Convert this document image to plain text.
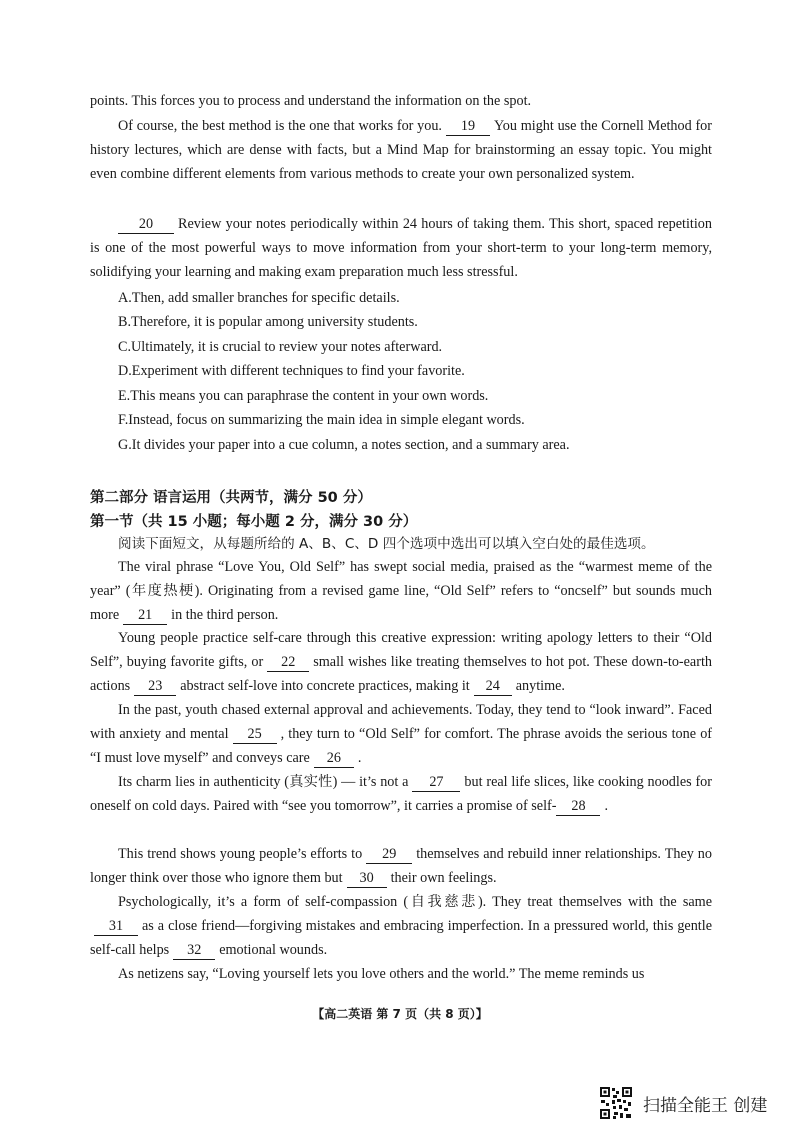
points. This forces you to process and understand the information on the spot.
Of course, the best method is the one that works for you. 19 You might use the Cornell Method for history lectures, which are dense with facts, but a Mind Map for brainstorming an essay topic. You might even combine different elements from various methods to create your own personalized system.
20 Review your notes periodically within 24 hours of taking them. This short, spaced repetition is one of the most powerful ways to move information from your short-term to your long-term memory, solidifying your learning and making exam preparation much less stressful.
A.Then, add smaller branches for specific details.
B.Therefore, it is popular among university students.
C.Ultimately, it is crucial to review your notes afterward.
D.Experiment with different techniques to find your favorite.
E.This means you can paraphrase the content in your own words.
F.Instead, focus on summarizing the main idea in simple elegant words.
G.It divides your paper into a cue column, a notes section, and a summary area.
第二部分 语言运用（共两节，满分 50 分）
第一节（共 15 小题；每小题 2 分，满分 30 分）
阅读下面短文，从每题所给的 A、B、C、D 四个选项中选出可以填入空白处的最佳选项。
The viral phrase “Love You, Old Self” has swept social media, praised as the “warmest meme of the year” (年度热梗). Originating from a revised game line, “Old Self” refers to “oncself” but sounds much more 21 in the third person.
Young people practice self-care through this creative expression: writing apology letters to their “Old Self”, buying favorite gifts, or 22 small wishes like treating themselves to hot pot. These down-to-earth actions 23 abstract self-love into concrete practices, making it 24 anytime.
In the past, youth chased external approval and achievements. Today, they tend to “look inward”. Faced with anxiety and mental 25 , they turn to “Old Self” for comfort. The phrase avoids the serious tone of “I must love myself” and conveys care 26 .
Its charm lies in authenticity (真实性) — it’s not a 27 but real life slices, like cooking noodles for oneself on cold days. Paired with “see you tomorrow”, it carries a promise of self- 28 .
This trend shows young people’s efforts to 29 themselves and rebuild inner relationships. They no longer think over those who ignore them but 30 their own feelings.
Psychologically, it’s a form of self-compassion (自我慈悲). They treat themselves with the same31 as a close friend—forgiving mistakes and embracing imperfection. In a pressured world, this gentle self-call helps 32 emotional wounds.
As netizens say, “Loving yourself lets you love others and the world.” The meme reminds us
【高二英语 第 7 页（共 8 页）】
扫描全能王 创建
